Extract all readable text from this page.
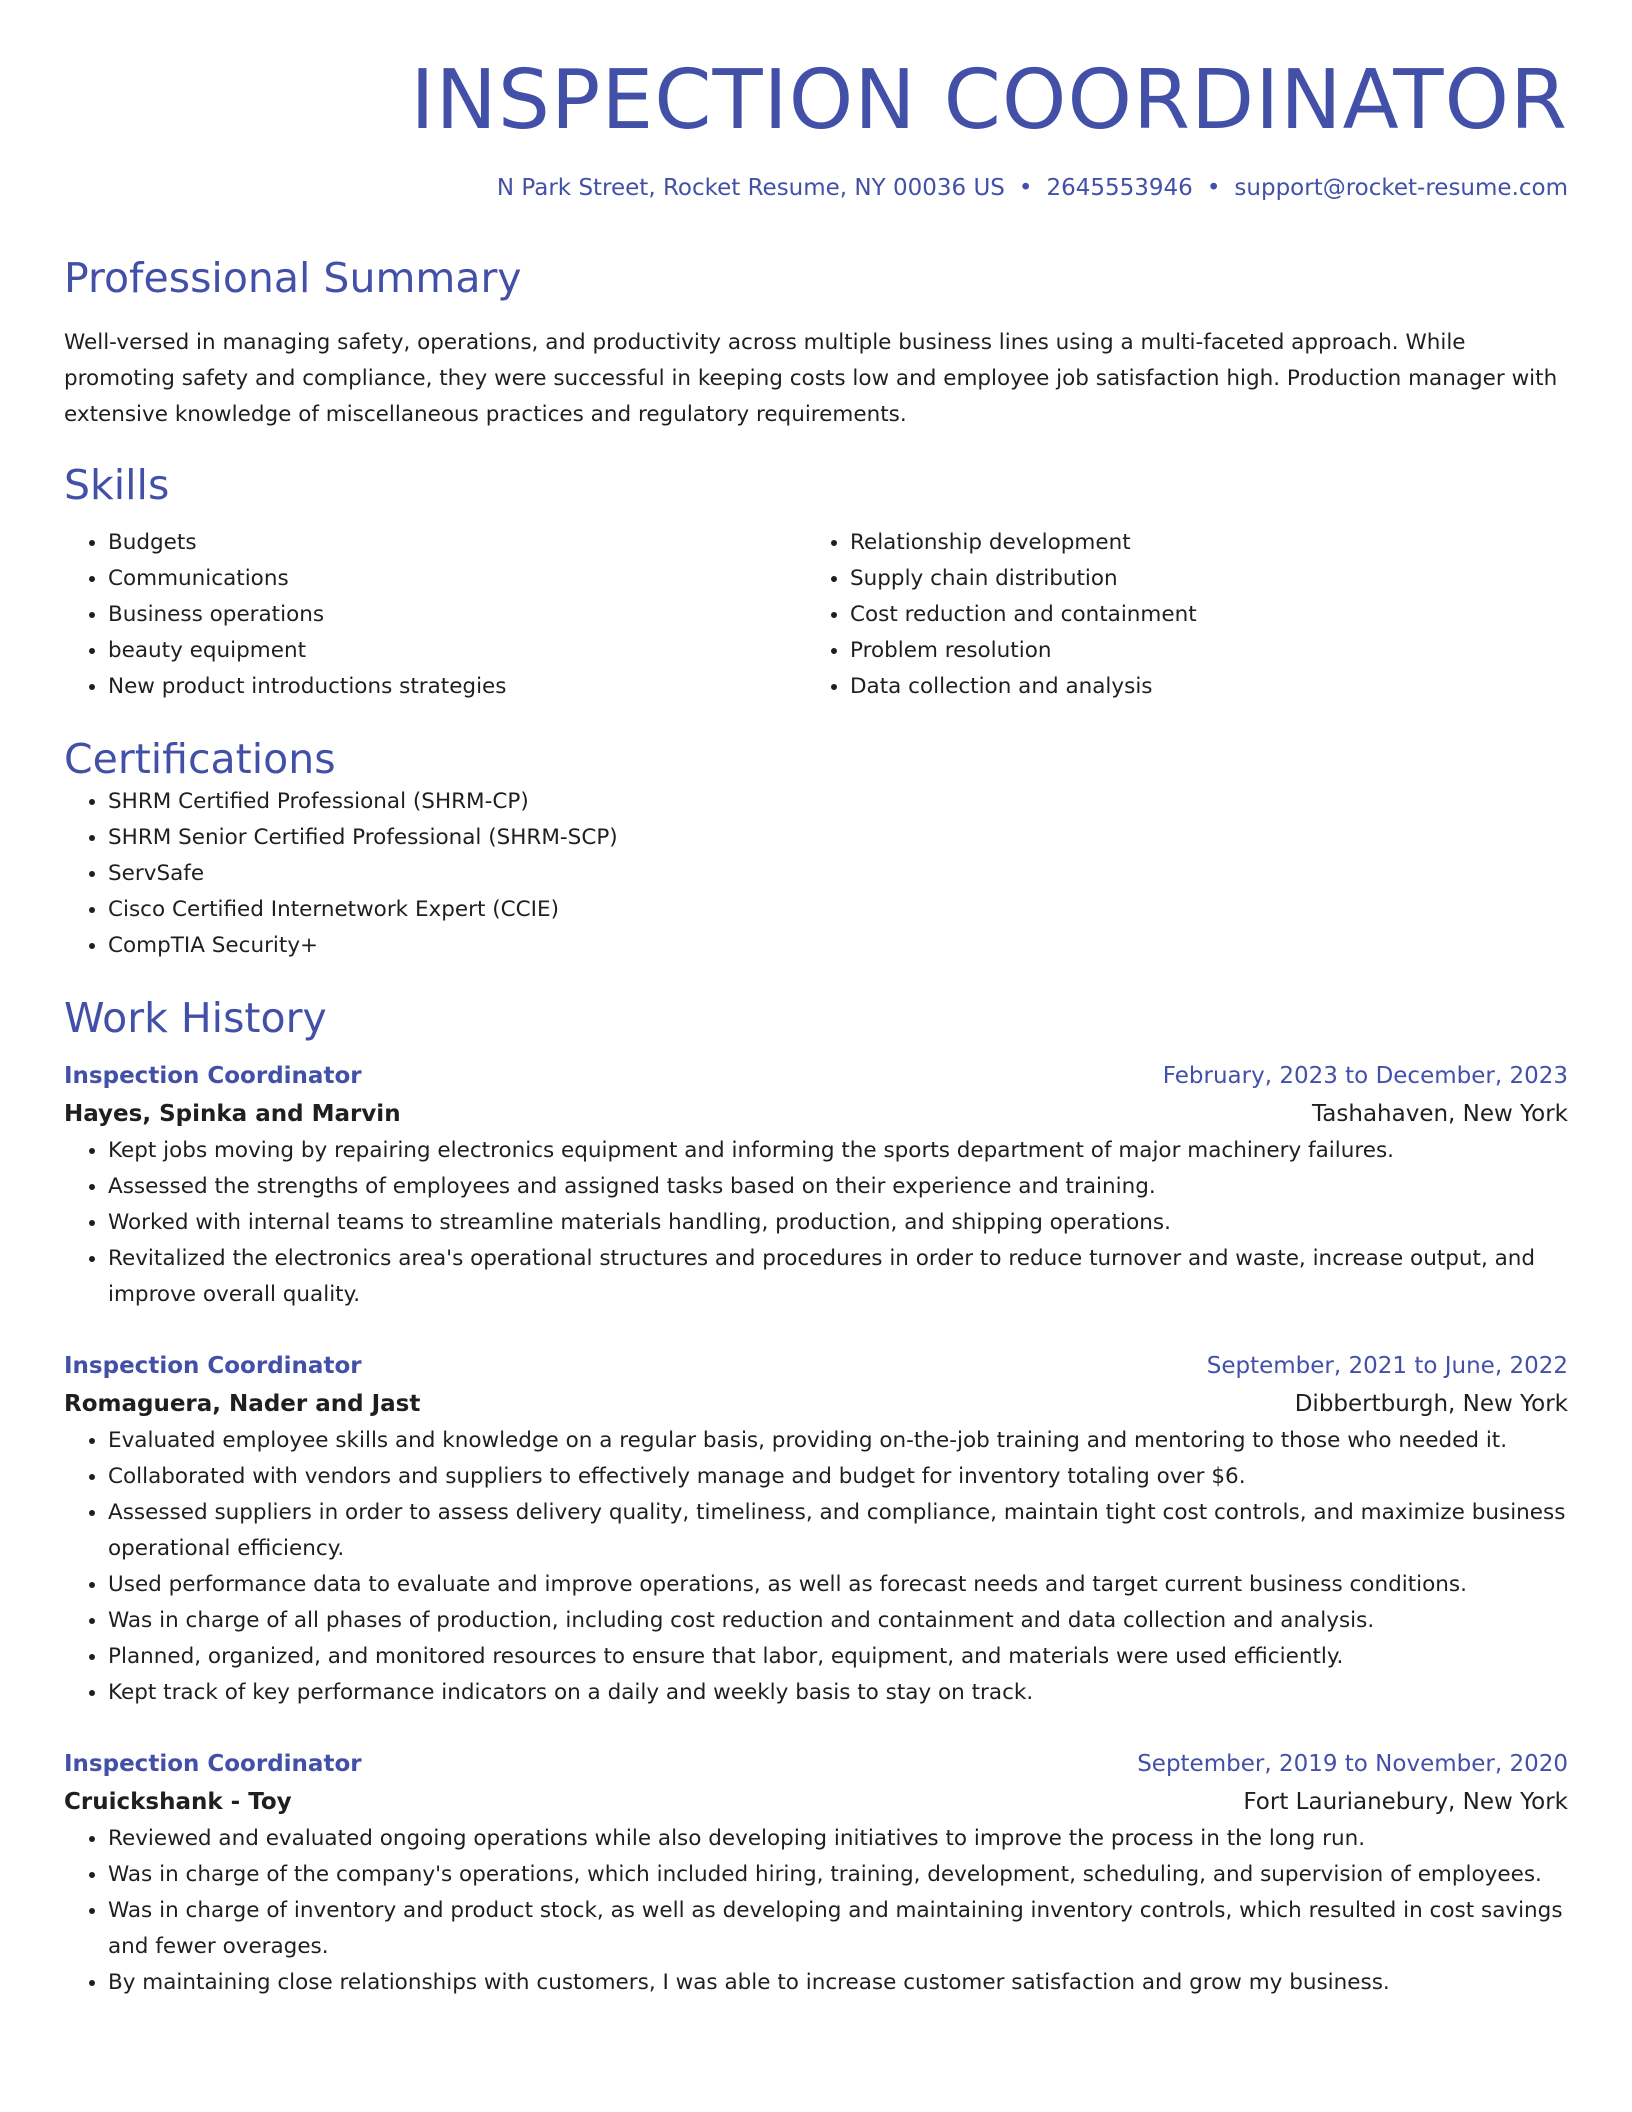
INSPECTION COORDINATOR
N Park Street, Rocket Resume, NY 00036 US • 2645553946 • support@rocket-resume.com
Professional Summary

Well-versed in managing safety, operations, and productivity across multiple business lines using a multi-faceted approach. While promoting safety and compliance, they were successful in keeping costs low and employee job satisfaction high. Production manager with extensive knowledge of miscellaneous practices and regulatory requirements.

Skills
• Budgets
• Communications
• Business operations
• beauty equipment
• New product introductions strategies
• Relationship development
• Supply chain distribution
• Cost reduction and containment
• Problem resolution
• Data collection and analysis
Certifications
• SHRM Certified Professional (SHRM-CP)
• SHRM Senior Certified Professional (SHRM-SCP)
• ServSafe
• Cisco Certified Internetwork Expert (CCIE)
• CompTIA Security+
Work History
Inspection Coordinator	February, 2023 to December, 2023
Hayes, Spinka and Marvin	Tashahaven, New York
• Kept jobs moving by repairing electronics equipment and informing the sports department of major machinery failures.
• Assessed the strengths of employees and assigned tasks based on their experience and training.
• Worked with internal teams to streamline materials handling, production, and shipping operations.
• Revitalized the electronics area's operational structures and procedures in order to reduce turnover and waste, increase output, and improve overall quality.
Inspection Coordinator	September, 2021 to June, 2022
Romaguera, Nader and Jast	Dibbertburgh, New York
• Evaluated employee skills and knowledge on a regular basis, providing on-the-job training and mentoring to those who needed it.
• Collaborated with vendors and suppliers to effectively manage and budget for inventory totaling over $6.
• Assessed suppliers in order to assess delivery quality, timeliness, and compliance, maintain tight cost controls, and maximize business operational efficiency.
• Used performance data to evaluate and improve operations, as well as forecast needs and target current business conditions.
• Was in charge of all phases of production, including cost reduction and containment and data collection and analysis.
• Planned, organized, and monitored resources to ensure that labor, equipment, and materials were used efficiently.
• Kept track of key performance indicators on a daily and weekly basis to stay on track.
Inspection Coordinator	September, 2019 to November, 2020
Cruickshank - Toy	Fort Laurianebury, New York
• Reviewed and evaluated ongoing operations while also developing initiatives to improve the process in the long run.
• Was in charge of the company's operations, which included hiring, training, development, scheduling, and supervision of employees.
• Was in charge of inventory and product stock, as well as developing and maintaining inventory controls, which resulted in cost savings and fewer overages.
• By maintaining close relationships with customers, I was able to increase customer satisfaction and grow my business.
